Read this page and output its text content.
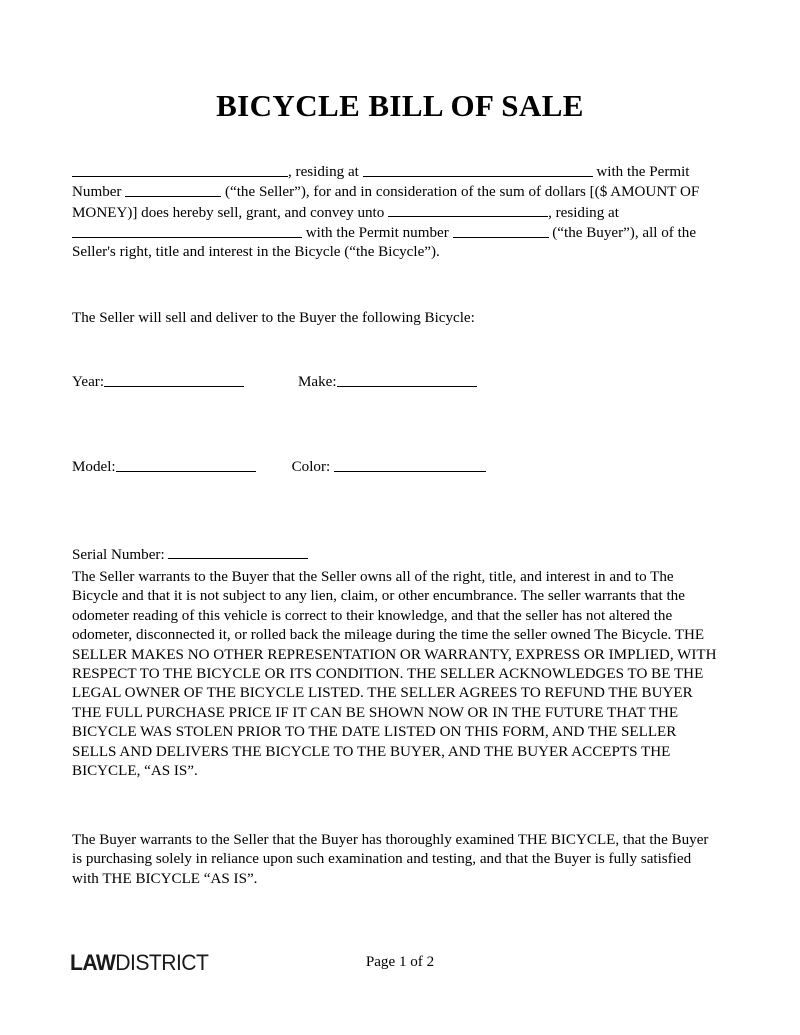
BICYCLE BILL OF SALE
, residing at	with the Permit Number	(“the Seller”), for and in consideration of the sum of dollars [($ AMOUNT OF MONEY)] does hereby sell, grant, and convey unto	, residing at  with the Permit number	(“the Buyer”), all of the Seller's right, title and interest in the Bicycle (“the Bicycle”).
The Seller will sell and deliver to the Buyer the following Bicycle:
Year:	Make:
Model:	Color:
Serial Number:
The Seller warrants to the Buyer that the Seller owns all of the right, title, and interest in and to The Bicycle and that it is not subject to any lien, claim, or other encumbrance. The seller warrants that the odometer reading of this vehicle is correct to their knowledge, and that the seller has not altered the odometer, disconnected it, or rolled back the mileage during the time the seller owned The Bicycle. THE SELLER MAKES NO OTHER REPRESENTATION OR WARRANTY, EXPRESS OR IMPLIED, WITH RESPECT TO THE BICYCLE OR ITS CONDITION. THE SELLER ACKNOWLEDGES TO BE THE LEGAL OWNER OF THE BICYCLE LISTED. THE SELLER AGREES TO REFUND THE BUYER THE FULL PURCHASE PRICE IF IT CAN BE SHOWN NOW OR IN THE FUTURE THAT THE BICYCLE WAS STOLEN PRIOR TO THE DATE LISTED ON THIS FORM, AND THE SELLER SELLS AND DELIVERS THE BICYCLE TO THE BUYER, AND THE BUYER ACCEPTS THE BICYCLE, “AS IS”.
The Buyer warrants to the Seller that the Buyer has thoroughly examined THE BICYCLE, that the Buyer is purchasing solely in reliance upon such examination and testing, and that the Buyer is fully satisfied with THE BICYCLE “AS IS”.
LAWDISTRICT	Page 1 of 2
